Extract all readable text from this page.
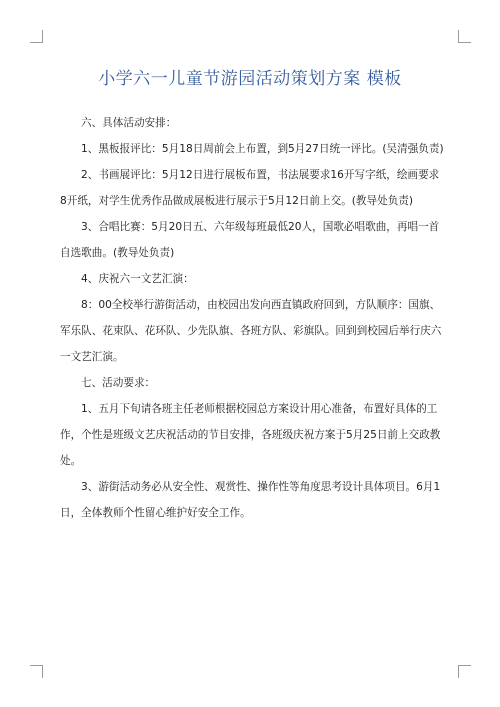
小学六一儿童节游园活动策划方案 模板

六、具体活动安排：

1、黑板报评比：5月18日周前会上布置，到5月27日统一评比。(吴清强负责)

2、书画展评比：5月12日进行展板布置，书法展要求16开写字纸，绘画要求8开纸，对学生优秀作品做成展板进行展示于5月12日前上交。(教导处负责)

3、合唱比赛：5月20日五、六年级每班最低20人，国歌必唱歌曲，再唱一首自选歌曲。(教导处负责)

4、庆祝六一文艺汇演：

8：00全校举行游街活动，由校园出发向西直镇政府回到，方队顺序：国旗、军乐队、花束队、花环队、少先队旗、各班方队、彩旗队。回到到校园后举行庆六一文艺汇演。

七、活动要求：

1、五月下旬请各班主任老师根据校园总方案设计用心准备，布置好具体的工作，个性是班级文艺庆祝活动的节目安排，各班级庆祝方案于5月25日前上交政教处。

3、游街活动务必从安全性、观赏性、操作性等角度思考设计具体项目。6月1日，全体教师个性留心维护好安全工作。
